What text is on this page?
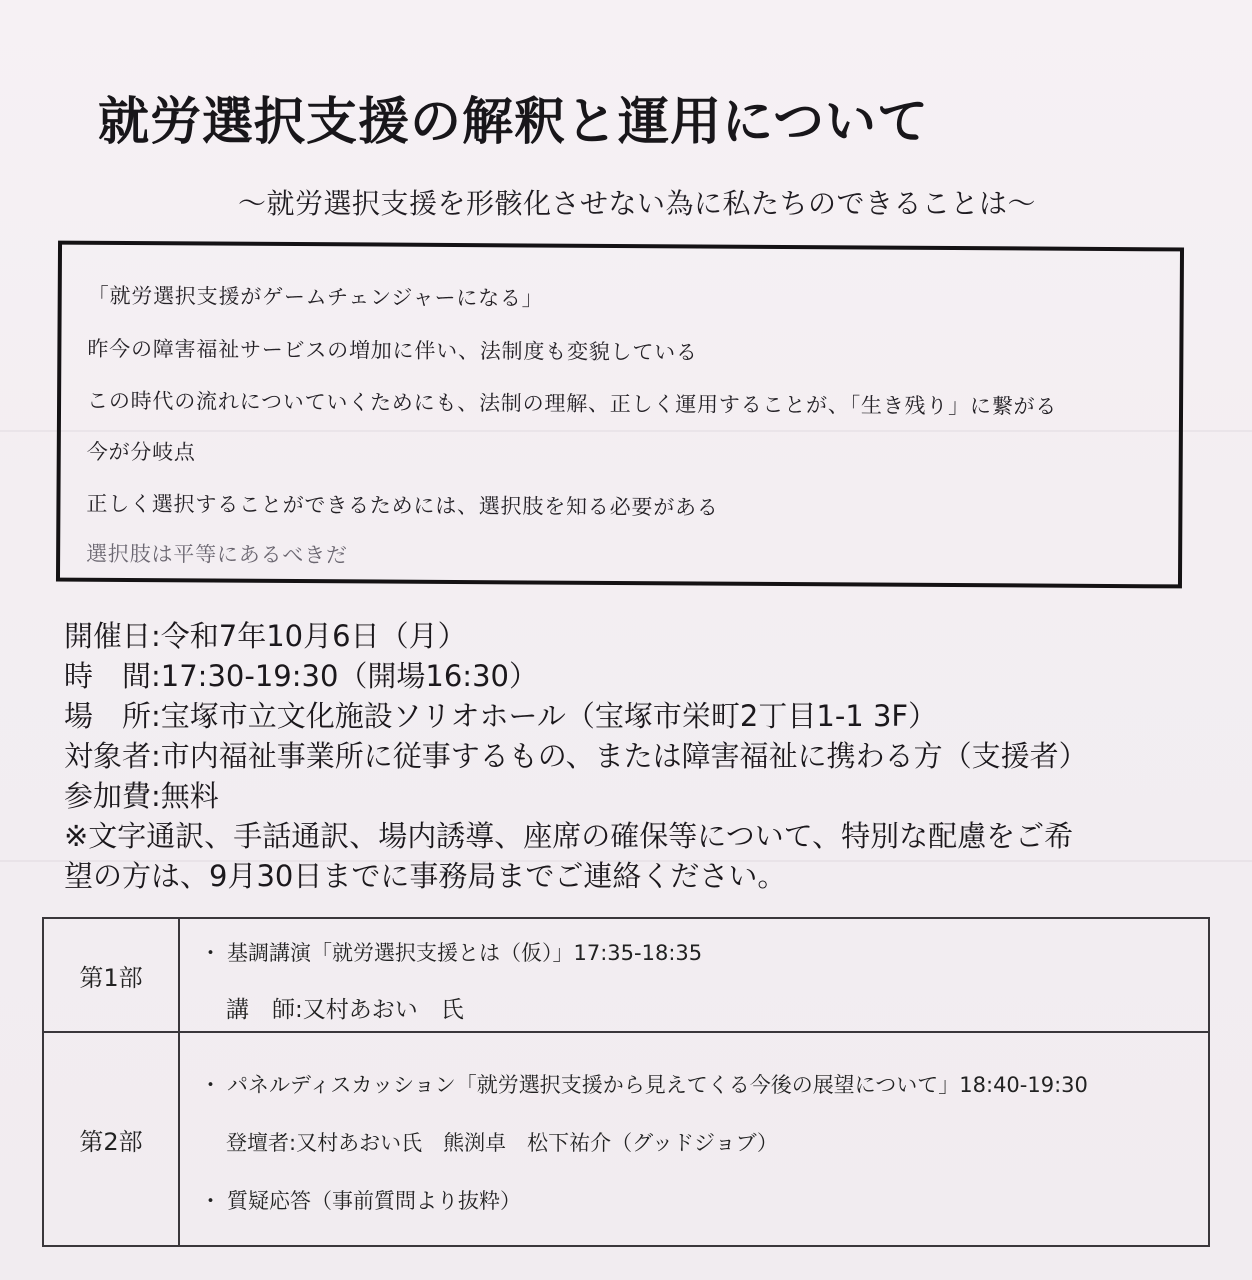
就労選択支援の解釈と運用について
〜就労選択支援を形骸化させない為に私たちのできることは〜
「就労選択支援がゲームチェンジャーになる」
昨今の障害福祉サービスの増加に伴い、法制度も変貌している
この時代の流れについていくためにも、法制の理解、正しく運用することが、「生き残り」に繋がる
今が分岐点
正しく選択することができるためには、選択肢を知る必要がある
選択肢は平等にあるべきだ
開催日: 令和7年10月6日（月）
時　間: 17:30-19:30（開場16:30）
場　所: 宝塚市立文化施設ソリオホール（宝塚市栄町2丁目1-1 3F）
対象者: 市内福祉事業所に従事するもの、または障害福祉に携わる方（支援者）
参加費: 無料
※文字通訳、手話通訳、場内誘導、座席の確保等について、特別な配慮をご希
望の方は、9月30日までに事務局までご連絡ください。
第1部
・ 基調講演「就労選択支援とは（仮）」17:35-18:35
講　師:又村あおい　氏
第2部
・ パネルディスカッション「就労選択支援から見えてくる今後の展望について」18:40-19:30
登壇者:又村あおい氏　熊渕卓　松下祐介（グッドジョブ）
・ 質疑応答（事前質問より抜粋）
